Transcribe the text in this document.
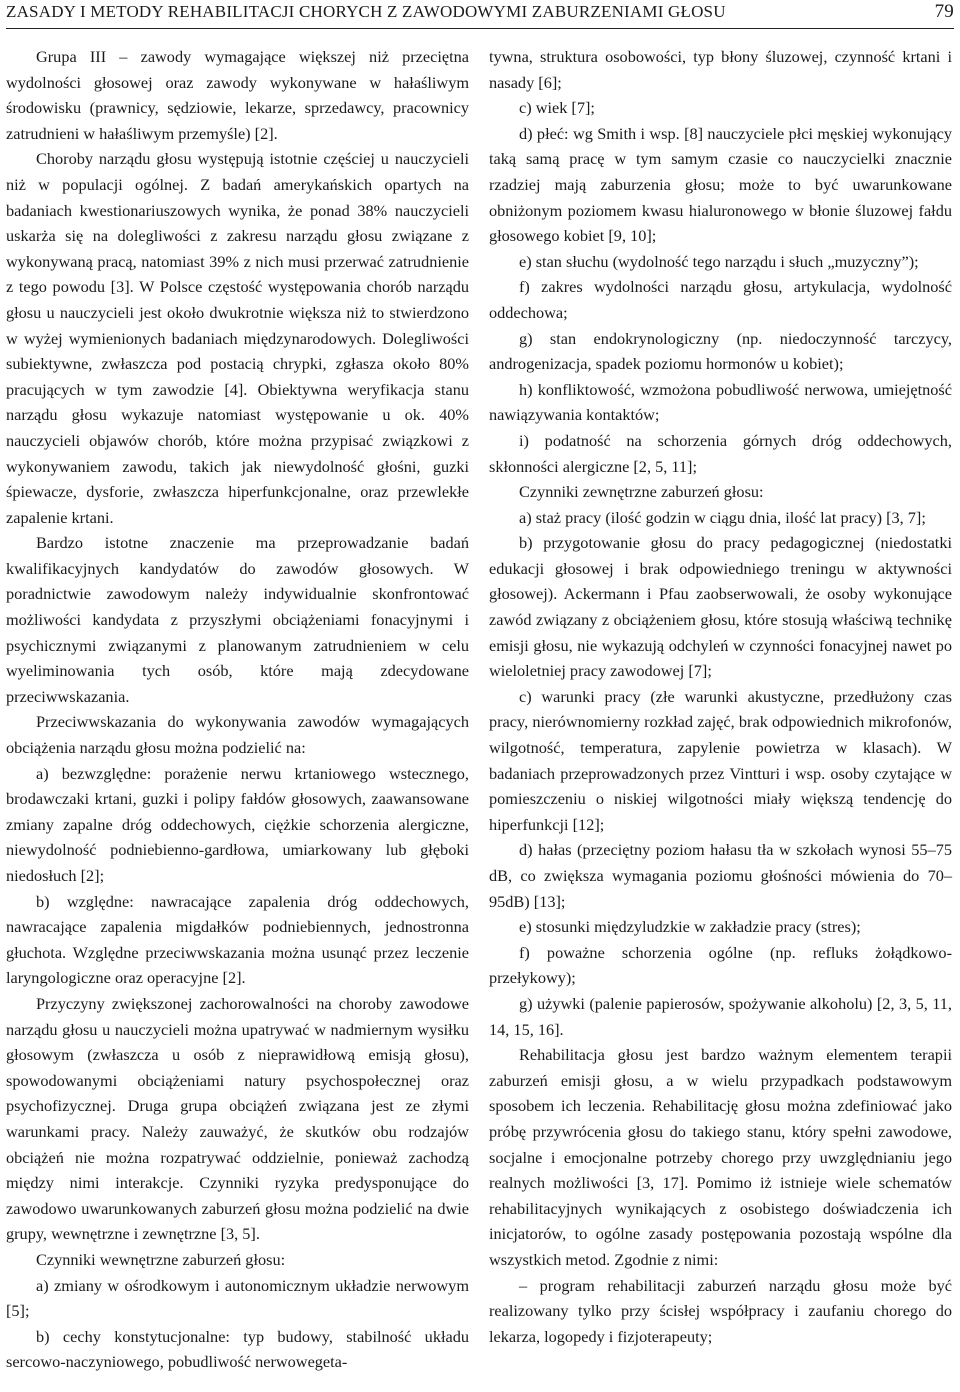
ZASADY I METODY REHABILITACJI CHORYCH Z ZAWODOWYMI ZABURZENIAMI GŁOSU	79

Grupa III – zawody wymagające większej niż przeciętna wydolności głosowej oraz zawody wykonywane w hałaśliwym środowisku (prawnicy, sędziowie, lekarze, sprzedawcy, pracownicy zatrudnieni w hałaśliwym przemyśle) [2].

Choroby narządu głosu występują istotnie częściej u nauczycieli niż w populacji ogólnej. Z badań amerykańskich opartych na badaniach kwestionariuszowych wynika, że ponad 38% nauczycieli uskarża się na dolegliwości z zakresu narządu głosu związane z wykonywaną pracą, natomiast 39% z nich musi przerwać zatrudnienie z tego powodu [3]. W Polsce częstość występowania chorób narządu głosu u nauczycieli jest około dwukrotnie większa niż to stwierdzono w wyżej wymienionych badaniach międzynarodowych. Dolegliwości subiektywne, zwłaszcza pod postacią chrypki, zgłasza około 80% pracujących w tym zawodzie [4]. Obiektywna weryfikacja stanu narządu głosu wykazuje natomiast występowanie u ok. 40% nauczycieli objawów chorób, które można przypisać związkowi z wykonywaniem zawodu, takich jak niewydolność głośni, guzki śpiewacze, dysforie, zwłaszcza hiperfunkcjonalne, oraz przewlekłe zapalenie krtani.

Bardzo istotne znaczenie ma przeprowadzanie badań kwalifikacyjnych kandydatów do zawodów głosowych. W poradnictwie zawodowym należy indywidualnie skonfrontować możliwości kandydata z przyszłymi obciążeniami fonacyjnymi i psychicznymi związanymi z planowanym zatrudnieniem w celu wyeliminowania tych osób, które mają zdecydowane przeciwwskazania.

Przeciwwskazania do wykonywania zawodów wymagających obciążenia narządu głosu można podzielić na:

a) bezwzględne: porażenie nerwu krtaniowego wstecznego, brodawczaki krtani, guzki i polipy fałdów głosowych, zaawansowane zmiany zapalne dróg oddechowych, ciężkie schorzenia alergiczne, niewydolność podniebienno-gardłowa, umiarkowany lub głęboki niedosłuch [2];

b) względne: nawracające zapalenia dróg oddechowych, nawracające zapalenia migdałków podniebiennych, jednostronna głuchota. Względne przeciwwskazania można usunąć przez leczenie laryngologiczne oraz operacyjne [2].

Przyczyny zwiększonej zachorowalności na choroby zawodowe narządu głosu u nauczycieli można upatrywać w nadmiernym wysiłku głosowym (zwłaszcza u osób z nieprawidłową emisją głosu), spowodowanymi obciążeniami natury psychospołecznej oraz psychofizycznej. Druga grupa obciążeń związana jest ze złymi warunkami pracy. Należy zauważyć, że skutków obu rodzajów obciążeń nie można rozpatrywać oddzielnie, ponieważ zachodzą między nimi interakcje. Czynniki ryzyka predysponujące do zawodowo uwarunkowanych zaburzeń głosu można podzielić na dwie grupy, wewnętrzne i zewnętrzne [3, 5].

Czynniki wewnętrzne zaburzeń głosu:

a) zmiany w ośrodkowym i autonomicznym układzie nerwowym [5];

b) cechy konstytucjonalne: typ budowy, stabilność układu sercowo-naczyniowego, pobudliwość nerwowegeta-

tywna, struktura osobowości, typ błony śluzowej, czynność krtani i nasady [6];

c) wiek [7];

d) płeć: wg Smith i wsp. [8] nauczyciele płci męskiej wykonujący taką samą pracę w tym samym czasie co nauczycielki znacznie rzadziej mają zaburzenia głosu; może to być uwarunkowane obniżonym poziomem kwasu hialuronowego w błonie śluzowej fałdu głosowego kobiet [9, 10];

e) stan słuchu (wydolność tego narządu i słuch „muzyczny”);

f) zakres wydolności narządu głosu, artykulacja, wydolność oddechowa;

g) stan endokrynologiczny (np. niedoczynność tarczycy, androgenizacja, spadek poziomu hormonów u kobiet);

h) konfliktowość, wzmożona pobudliwość nerwowa, umiejętność nawiązywania kontaktów;

i) podatność na schorzenia górnych dróg oddechowych, skłonności alergiczne [2, 5, 11];

Czynniki zewnętrzne zaburzeń głosu:

a) staż pracy (ilość godzin w ciągu dnia, ilość lat pracy) [3, 7];

b) przygotowanie głosu do pracy pedagogicznej (niedostatki edukacji głosowej i brak odpowiedniego treningu w aktywności głosowej). Ackermann i Pfau zaobserwowali, że osoby wykonujące zawód związany z obciążeniem głosu, które stosują właściwą technikę emisji głosu, nie wykazują odchyleń w czynności fonacyjnej nawet po wieloletniej pracy zawodowej [7];

c) warunki pracy (złe warunki akustyczne, przedłużony czas pracy, nierównomierny rozkład zajęć, brak odpowiednich mikrofonów, wilgotność, temperatura, zapylenie powietrza w klasach). W badaniach przeprowadzonych przez Vintturi i wsp. osoby czytające w pomieszczeniu o niskiej wilgotności miały większą tendencję do hiperfunkcji [12];

d) hałas (przeciętny poziom hałasu tła w szkołach wynosi 55–75 dB, co zwiększa wymagania poziomu głośności mówienia do 70–95dB) [13];

e) stosunki międzyludzkie w zakładzie pracy (stres);

f) poważne schorzenia ogólne (np. refluks żołądkowo-przełykowy);

g) używki (palenie papierosów, spożywanie alkoholu) [2, 3, 5, 11, 14, 15, 16].

Rehabilitacja głosu jest bardzo ważnym elementem terapii zaburzeń emisji głosu, a w wielu przypadkach podstawowym sposobem ich leczenia. Rehabilitację głosu można zdefiniować jako próbę przywrócenia głosu do takiego stanu, który spełni zawodowe, socjalne i emocjonalne potrzeby chorego przy uwzględnianiu jego realnych możliwości [3, 17]. Pomimo iż istnieje wiele schematów rehabilitacyjnych wynikających z osobistego doświadczenia ich inicjatorów, to ogólne zasady postępowania pozostają wspólne dla wszystkich metod. Zgodnie z nimi:

– program rehabilitacji zaburzeń narządu głosu może być realizowany tylko przy ścisłej współpracy i zaufaniu chorego do lekarza, logopedy i fizjoterapeuty;
